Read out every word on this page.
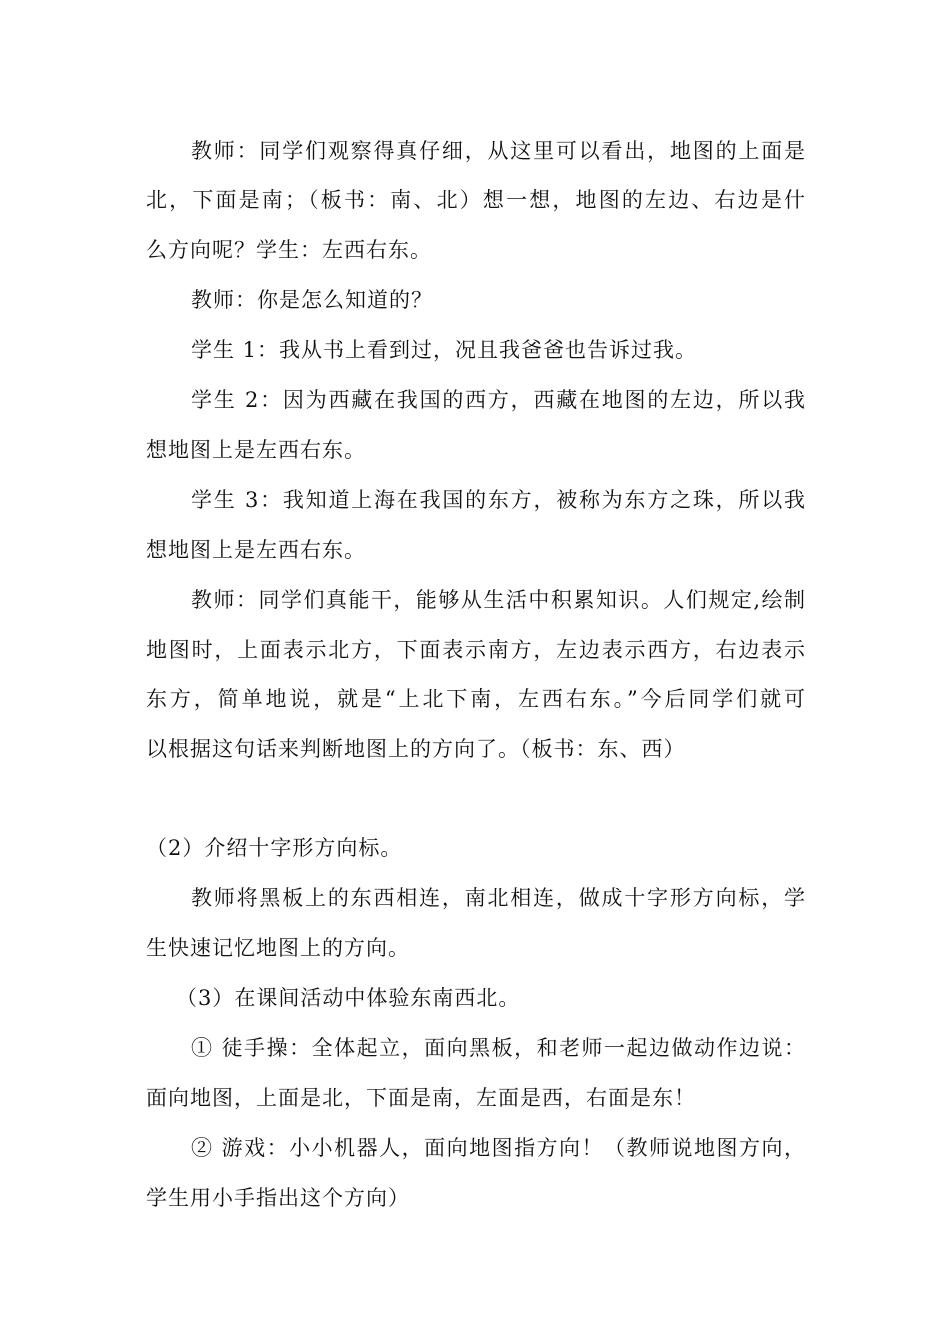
教师：同学们观察得真仔细，从这里可以看出，地图的上面是
北，下面是南；（板书：南、北）想一想，地图的左边、右边是什
么方向呢？学生：左西右东。
教师：你是怎么知道的？
学生 1：我从书上看到过，况且我爸爸也告诉过我。
学生 2：因为西藏在我国的西方，西藏在地图的左边，所以我
想地图上是左西右东。
学生 3：我知道上海在我国的东方，被称为东方之珠，所以我
想地图上是左西右东。
教师：同学们真能干，能够从生活中积累知识。人们规定,绘制
地图时，上面表示北方，下面表示南方，左边表示西方，右边表示
东方，简单地说，就是“上北下南，左西右东。”今后同学们就可
以根据这句话来判断地图上的方向了。（板书：东、西）
（2）介绍十字形方向标。
教师将黑板上的东西相连，南北相连，做成十字形方向标，学
生快速记忆地图上的方向。
（3）在课间活动中体验东南西北。
① 徒手操：全体起立，面向黑板，和老师一起边做动作边说：
面向地图，上面是北，下面是南，左面是西，右面是东！
② 游戏：小小机器人，面向地图指方向！（教师说地图方向，
学生用小手指出这个方向）
